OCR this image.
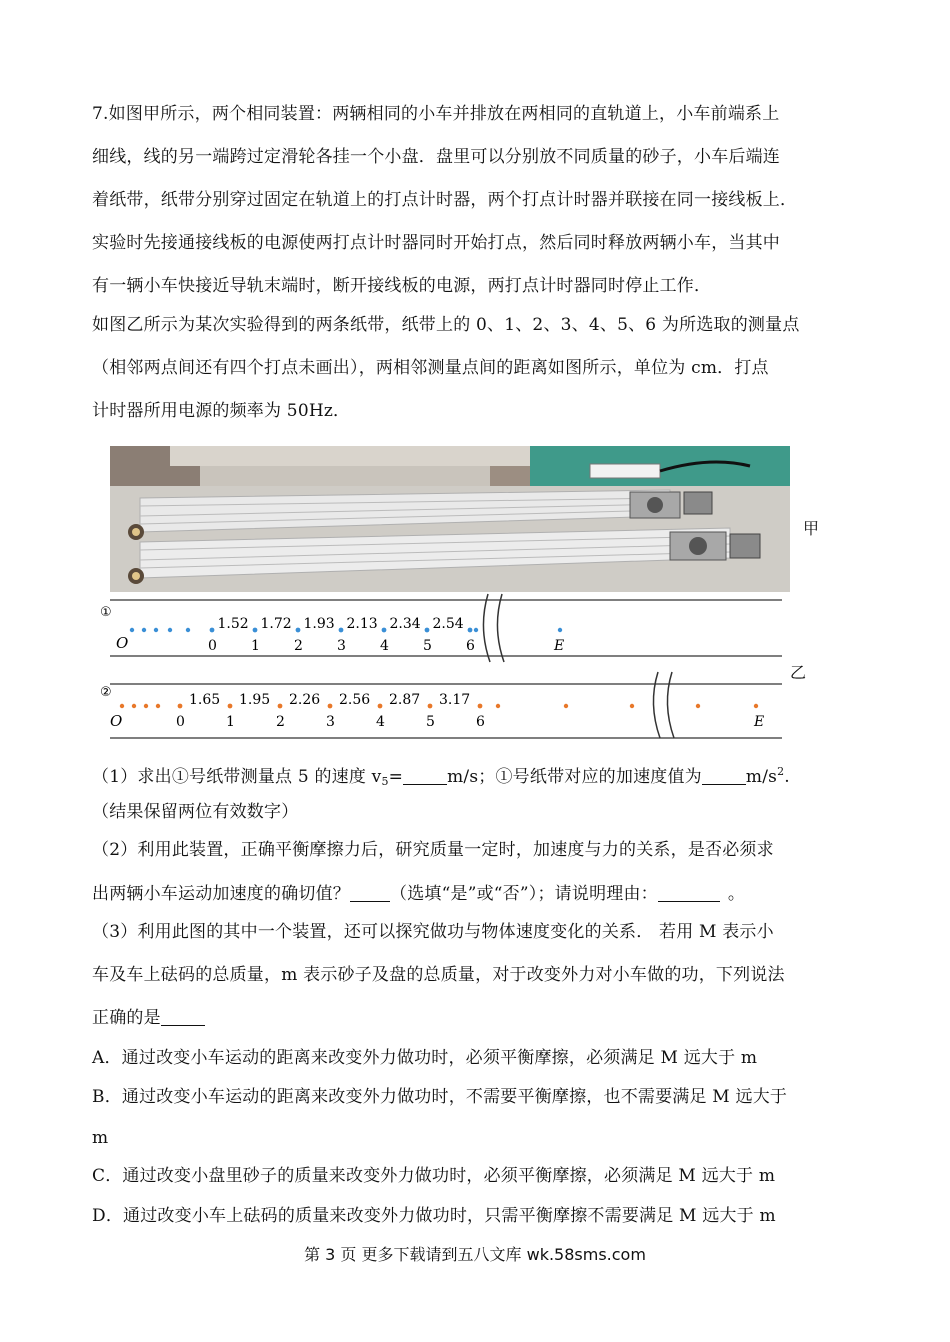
7.如图甲所示，两个相同装置：两辆相同的小车并排放在两相同的直轨道上，小车前端系上
细线，线的另一端跨过定滑轮各挂一个小盘．盘里可以分别放不同质量的砂子，小车后端连
着纸带，纸带分别穿过固定在轨道上的打点计时器，两个打点计时器并联接在同一接线板上．
实验时先接通接线板的电源使两打点计时器同时开始打点，然后同时释放两辆小车，当其中
有一辆小车快接近导轨末端时，断开接线板的电源，两打点计时器同时停止工作．
如图乙所示为某次实验得到的两条纸带，纸带上的 0、1、2、3、4、5、6 为所选取的测量点
（相邻两点间还有四个打点未画出），两相邻测量点间的距离如图所示，单位为 cm．打点
计时器所用电源的频率为 50Hz．
甲
①
O	E
1.52 1.72 1.93 2.13 2.34 2.54
0 1 2 3 4 5 6
②
O	E
1.65 1.95 2.26 2.56 2.87 3.17
0	1	2	3	4	5	6
乙
（1）求出①号纸带测量点 5 的速度 $v_5=$	m/s；①号纸带对应的加速度值为	$m/s^2$.
（结果保留两位有效数字）
（2）利用此装置，正确平衡摩擦力后，研究质量一定时，加速度与力的关系，是否必须求
出两辆小车运动加速度的确切值？ （选填“是”或“否”）；请说明理由：	。
（3）利用此图的其中一个装置，还可以探究做功与物体速度变化的关系． 若用 M 表示小
车及车上砝码的总质量，m 表示砂子及盘的总质量，对于改变外力对小车做的功，下列说法
正确的是
A．通过改变小车运动的距离来改变外力做功时，必须平衡摩擦，必须满足 M 远大于 m
B．通过改变小车运动的距离来改变外力做功时，不需要平衡摩擦，也不需要满足 M 远大于
m
C．通过改变小盘里砂子的质量来改变外力做功时，必须平衡摩擦，必须满足 M 远大于 m
D．通过改变小车上砝码的质量来改变外力做功时，只需平衡摩擦不需要满足 M 远大于 m
第 3 页 更多下载请到五八文库 wk.58sms.com
